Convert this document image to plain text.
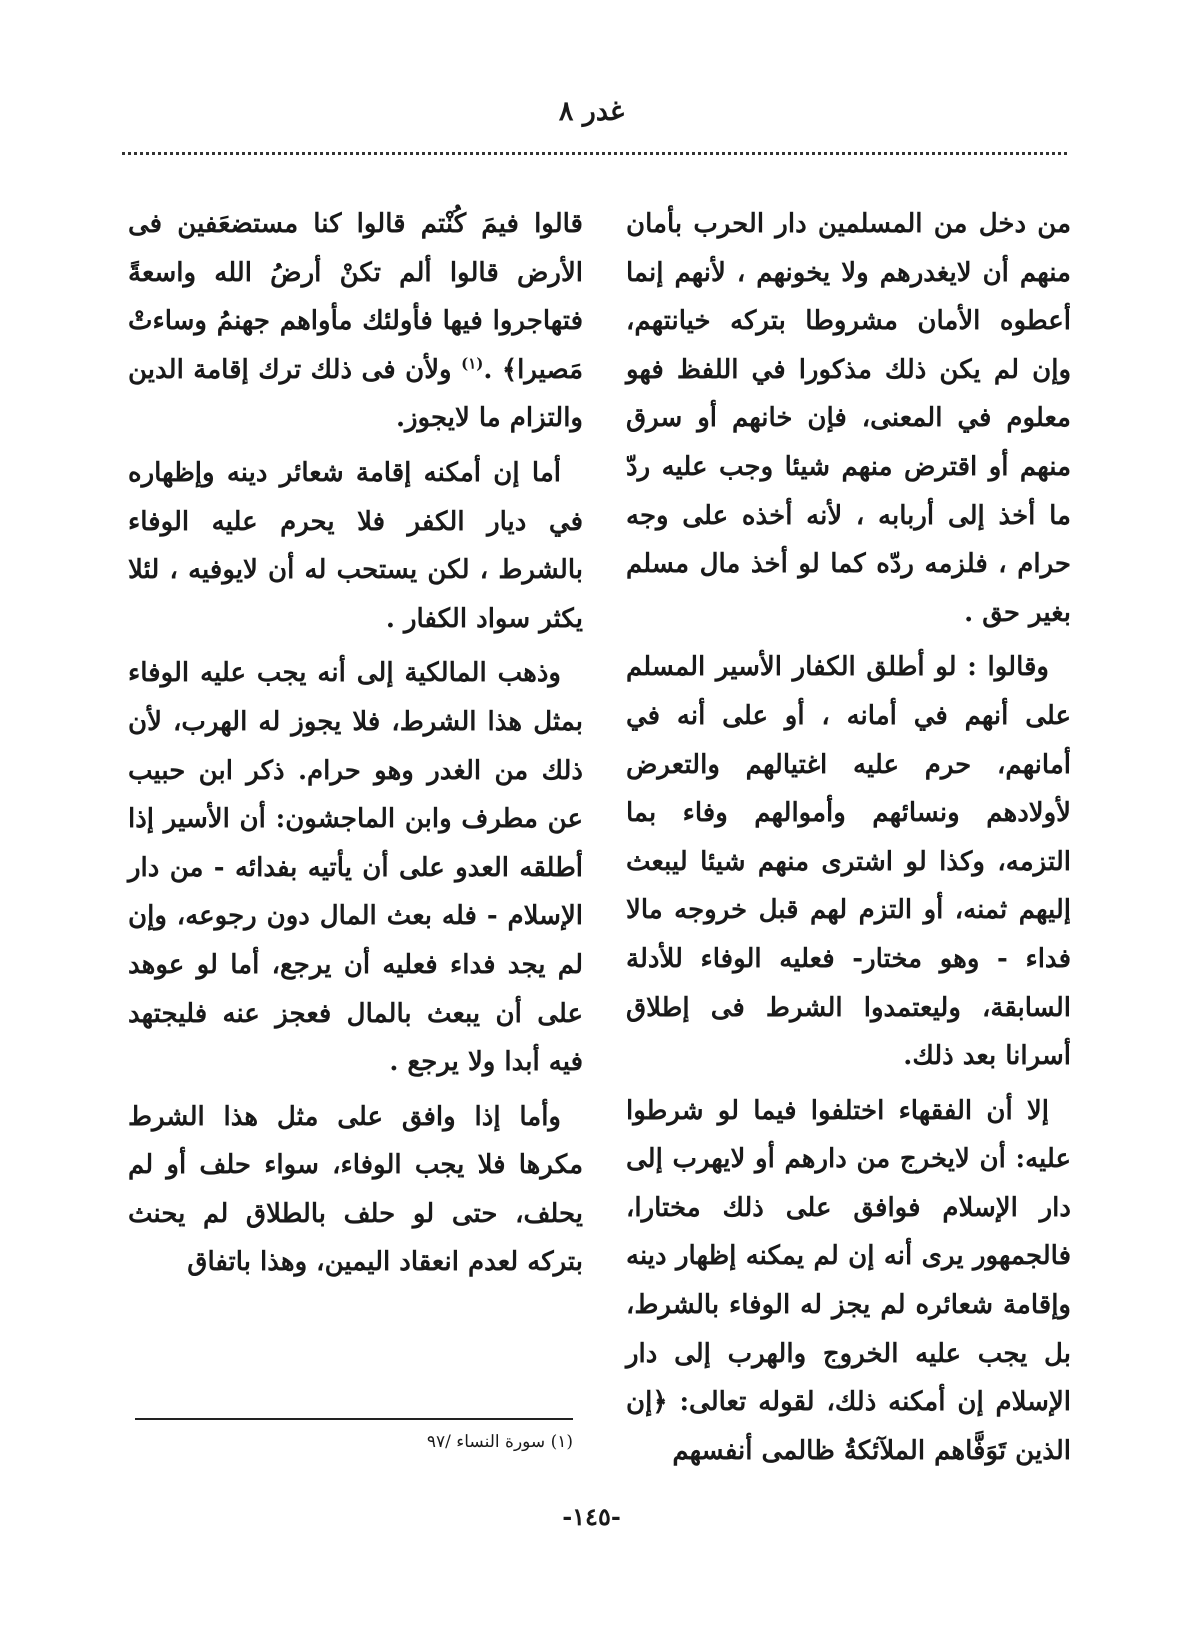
غدر ٨

من دخل من المسلمين دار الحرب بأمان منهم أن لايغدرهم ولا يخونهم ، لأنهم إنما أعطوه الأمان مشروطا بتركه خيانتهم، وإن لم يكن ذلك مذكورا في اللفظ فهو معلوم في المعنى، فإن خانهم أو سرق منهم أو اقترض منهم شيئا وجب عليه ردّ ما أخذ إلى أربابه ، لأنه أخذه على وجه حرام ، فلزمه ردّه كما لو أخذ مال مسلم بغير حق .

وقالوا : لو أطلق الكفار الأسير المسلم على أنهم في أمانه ، أو على أنه في أمانهم، حرم عليه اغتيالهم والتعرض لأولادهم ونسائهم وأموالهم وفاء بما التزمه، وكذا لو اشترى منهم شيئا ليبعث إليهم ثمنه، أو التزم لهم قبل خروجه مالا فداء - وهو مختار- فعليه الوفاء للأدلة السابقة، وليعتمدوا الشرط فى إطلاق أسرانا بعد ذلك.

إلا أن الفقهاء اختلفوا فيما لو شرطوا عليه: أن لايخرج من دارهم أو لايهرب إلى دار الإسلام فوافق على ذلك مختارا، فالجمهور يرى أنه إن لم يمكنه إظهار دينه وإقامة شعائره لم يجز له الوفاء بالشرط، بل يجب عليه الخروج والهرب إلى دار الإسلام إن أمكنه ذلك، لقوله تعالى: ﴿إن الذين تَوَفَّاهم الملآئكةُ ظالمى أنفسهم

قالوا فيمَ كُنْتم قالوا كنا مستضعَفين فى الأرض قالوا ألم تكنْ أرضُ الله واسعةً فتهاجروا فيها فأولئك مأواهم جهنمُ وساءتْ مَصيرا﴾ .$^{(١)}$ ولأن فى ذلك ترك إقامة الدين والتزام ما لايجوز.

أما إن أمكنه إقامة شعائر دينه وإظهاره في ديار الكفر فلا يحرم عليه الوفاء بالشرط ، لكن يستحب له أن لايوفيه ، لئلا يكثر سواد الكفار .

وذهب المالكية إلى أنه يجب عليه الوفاء بمثل هذا الشرط، فلا يجوز له الهرب، لأن ذلك من الغدر وهو حرام. ذكر ابن حبيب عن مطرف وابن الماجشون: أن الأسير إذا أطلقه العدو على أن يأتيه بفدائه - من دار الإسلام - فله بعث المال دون رجوعه، وإن لم يجد فداء فعليه أن يرجع، أما لو عوهد على أن يبعث بالمال فعجز عنه فليجتهد فيه أبدا ولا يرجع .

وأما إذا وافق على مثل هذا الشرط مكرها فلا يجب الوفاء، سواء حلف أو لم يحلف، حتى لو حلف بالطلاق لم يحنث بتركه لعدم انعقاد اليمين، وهذا باتفاق

(١) سورة النساء /٩٧
-١٤٥-
